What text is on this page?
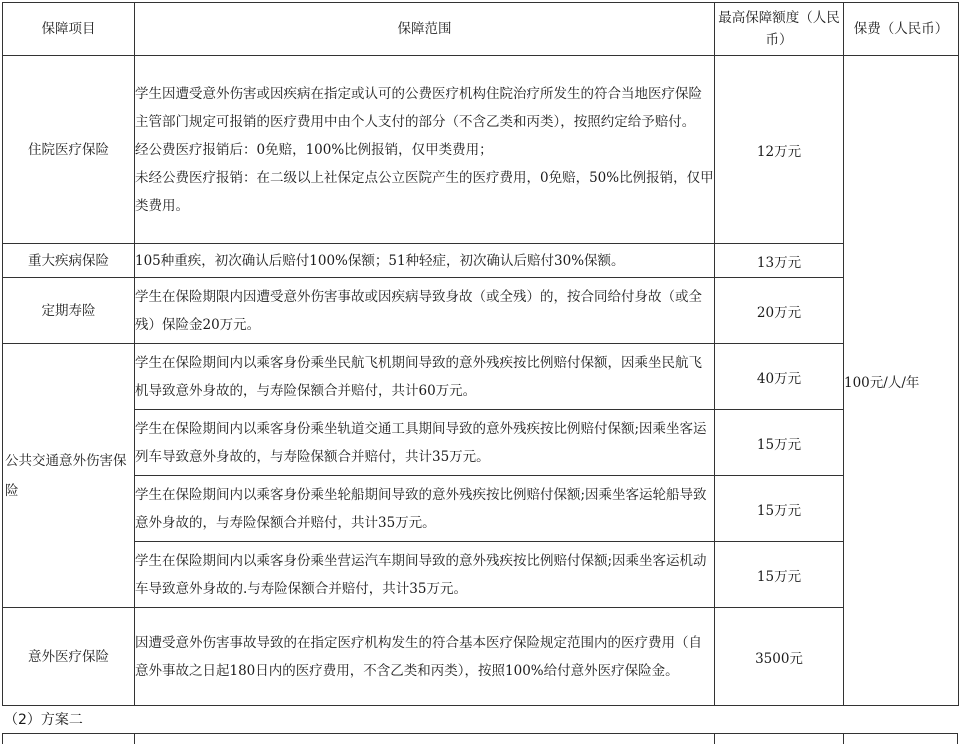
保障项目	保障范围	最高保障额度（人民币）	保费（人民币）
住院医疗保险	学生因遭受意外伤害或因疾病在指定或认可的公费医疗机构住院治疗所发生的符合当地医疗保险主管部门规定可报销的医疗费用中由个人支付的部分（不含乙类和丙类），按照约定给予赔付。
经公费医疗报销后：0免赔，100%比例报销，仅甲类费用；
未经公费医疗报销：在二级以上社保定点公立医院产生的医疗费用，0免赔，50%比例报销，仅甲类费用。	12万元	100元/人/年
重大疾病保险	105种重疾，初次确认后赔付100%保额；51种轻症，初次确认后赔付30%保额。	13万元	
定期寿险	学生在保险期限内因遭受意外伤害事故或因疾病导致身故（或全残）的，按合同给付身故（或全残）保险金20万元。	20万元	
公共交通意外伤害保险	学生在保险期间内以乘客身份乘坐民航飞机期间导致的意外残疾按比例赔付保额，因乘坐民航飞机导致意外身故的，与寿险保额合并赔付，共计60万元。	40万元	
	学生在保险期间内以乘客身份乘坐轨道交通工具期间导致的意外残疾按比例赔付保额;因乘坐客运列车导致意外身故的，与寿险保额合并赔付，共计35万元。	15万元	
	学生在保险期间内以乘客身份乘坐轮船期间导致的意外残疾按比例赔付保额;因乘坐客运轮船导致意外身故的，与寿险保额合并赔付，共计35万元。	15万元	
	学生在保险期间内以乘客身份乘坐营运汽车期间导致的意外残疾按比例赔付保额;因乘坐客运机动车导致意外身故的.与寿险保额合并赔付，共计35万元。	15万元	
意外医疗保险	因遭受意外伤害事故导致的在指定医疗机构发生的符合基本医疗保险规定范围内的医疗费用（自意外事故之日起180日内的医疗费用，不含乙类和丙类），按照100%给付意外医疗保险金。	3500元	
（2）方案二
